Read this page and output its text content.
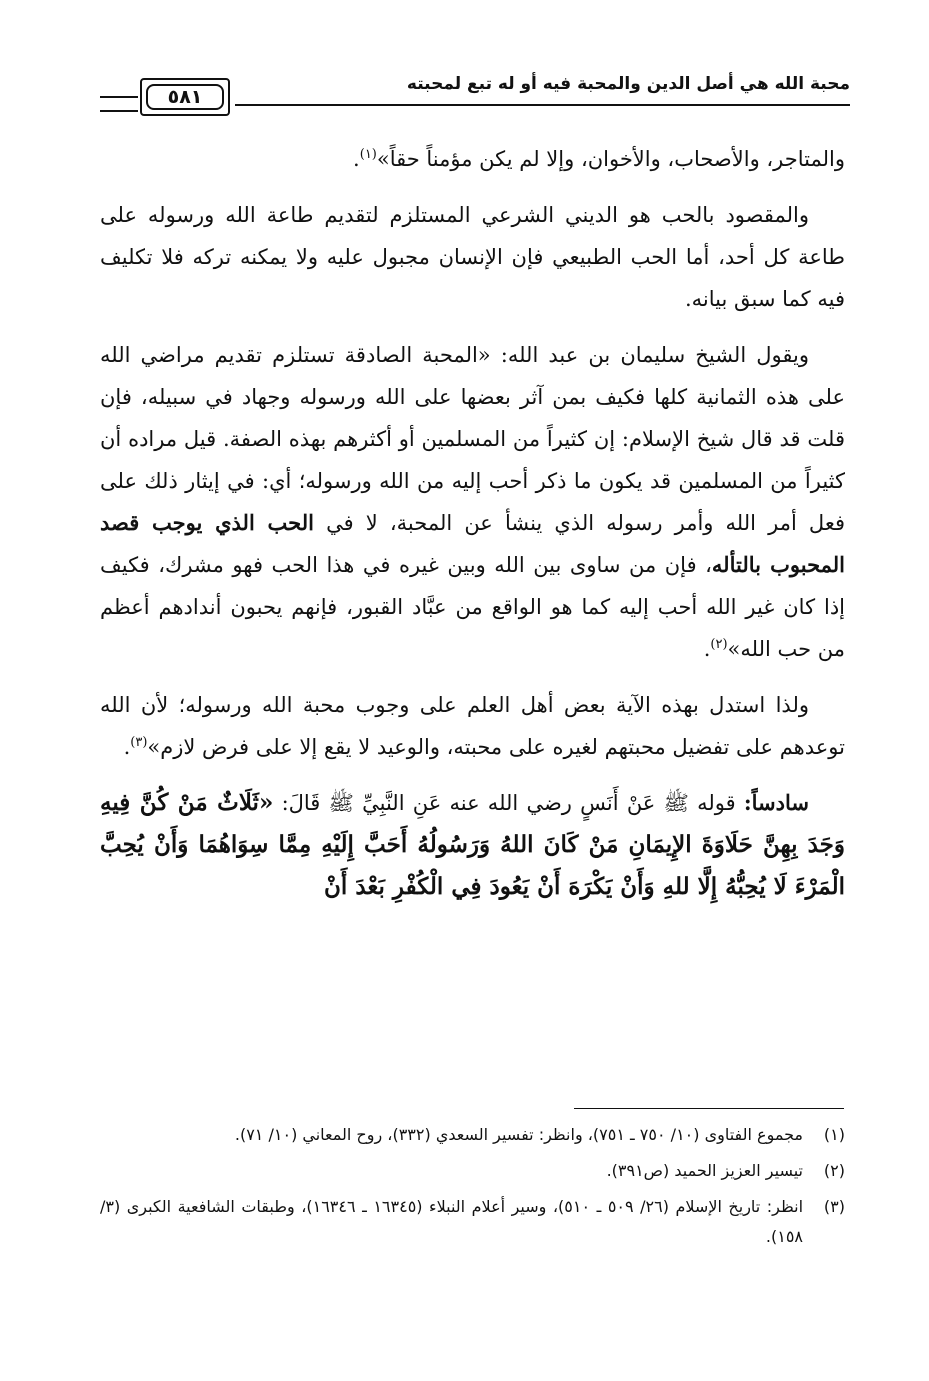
محبة الله هي أصل الدين والمحبة فيه أو له تبع لمحبته
٥٨١

والمتاجر، والأصحاب، والأخوان، وإلا لم يكن مؤمناً حقاً»$^{(١)}$.

والمقصود بالحب هو الديني الشرعي المستلزم لتقديم طاعة الله ورسوله على طاعة كل أحد، أما الحب الطبيعي فإن الإنسان مجبول عليه ولا يمكنه تركه فلا تكليف فيه كما سبق بيانه.

ويقول الشيخ سليمان بن عبد الله: «المحبة الصادقة تستلزم تقديم مراضي الله على هذه الثمانية كلها فكيف بمن آثر بعضها على الله ورسوله وجهاد في سبيله، فإن قلت قد قال شيخ الإسلام: إن كثيراً من المسلمين أو أكثرهم بهذه الصفة. قيل مراده أن كثيراً من المسلمين قد يكون ما ذكر أحب إليه من الله ورسوله؛ أي: في إيثار ذلك على فعل أمر الله وأمر رسوله الذي ينشأ عن المحبة، لا في الحب الذي يوجب قصد المحبوب بالتأله، فإن من ساوى بين الله وبين غيره في هذا الحب فهو مشرك، فكيف إذا كان غير الله أحب إليه كما هو الواقع من عبَّاد القبور، فإنهم يحبون أندادهم أعظم من حب الله»$^{(٢)}$.

ولذا استدل بهذه الآية بعض أهل العلم على وجوب محبة الله ورسوله؛ لأن الله توعدهم على تفضيل محبتهم لغيره على محبته، والوعيد لا يقع إلا على فرض لازم»$^{(٣)}$.

سادساً: قوله ﷺ عَنْ أَنَسٍ رضي الله عنه عَنِ النَّبِيِّ ﷺ قَالَ: «ثَلَاثٌ مَنْ كُنَّ فِيهِ وَجَدَ بِهِنَّ حَلَاوَةَ الإِيمَانِ مَنْ كَانَ اللهُ وَرَسُولُهُ أَحَبَّ إِلَيْهِ مِمَّا سِوَاهُمَا وَأَنْ يُحِبَّ الْمَرْءَ لَا يُحِبُّهُ إِلَّا للهِ وَأَنْ يَكْرَهَ أَنْ يَعُودَ فِي الْكُفْرِ بَعْدَ أَنْ

(١)
مجموع الفتاوى (١٠/ ٧٥٠ ـ ٧٥١)، وانظر: تفسير السعدي (٣٣٢)، روح المعاني (١٠/ ٧١).
(٢)
تيسير العزيز الحميد (ص٣٩١).
(٣)
انظر: تاريخ الإسلام (٢٦/ ٥٠٩ ـ ٥١٠)، وسير أعلام النبلاء (١٦٣٤٥ ـ ١٦٣٤٦)، وطبقات الشافعية الكبرى (٣/ ١٥٨).
